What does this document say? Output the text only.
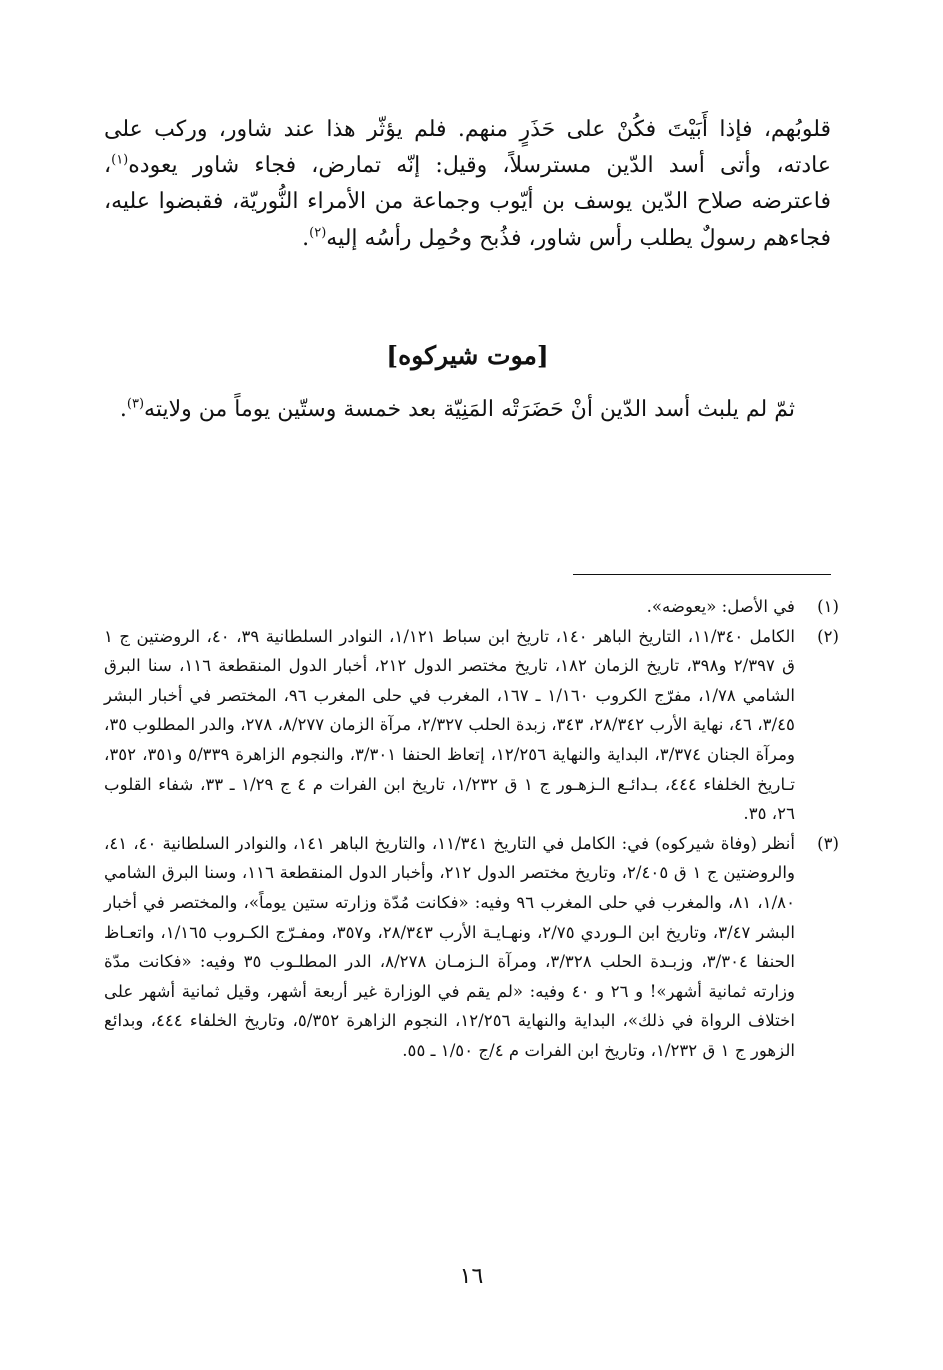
قلوبُهم، فإذا أَبَيْتَ فكُنْ على حَذَرٍ منهم. فلم يؤثّر هذا عند شاور، وركب على عادته، وأتى أسد الدّين مسترسلاً، وقيل: إنّه تمارض، فجاء شاور يعوده$^{(١)}$، فاعترضه صلاح الدّين يوسف بن أيّوب وجماعة من الأمراء النُّوريّة، فقبضوا عليه، فجاءهم رسولٌ يطلب رأس شاور، فذُبح وحُمِل رأسُه إليه$^{(٢)}$.

[موت شيركوه]

ثمّ لم يلبث أسد الدّين أنْ حَضَرَتْه المَنِيّة بعد خمسة وستّين يوماً من ولايته$^{(٣)}$.

(١)

في الأصل: «يعوضه».

(٢)

الكامل ١١/٣٤٠، التاريخ الباهر ١٤٠، تاريخ ابن سباط ١/١٢١، النوادر السلطانية ٣٩، ٤٠، الروضتين ج ١ ق ٢/٣٩٧ و٣٩٨، تاريخ الزمان ١٨٢، تاريخ مختصر الدول ٢١٢، أخبار الدول المنقطعة ١١٦، سنا البرق الشامي ١/٧٨، مفرّج الكروب ١/١٦٠ ـ ١٦٧، المغرب في حلى المغرب ٩٦، المختصر في أخبار البشر ٣/٤٥، ٤٦، نهاية الأرب ٢٨/٣٤٢، ٣٤٣، زبدة الحلب ٢/٣٢٧، مرآة الزمان ٨/٢٧٧، ٢٧٨، والدر المطلوب ٣٥، ومرآة الجنان ٣/٣٧٤، البداية والنهاية ١٢/٢٥٦، إتعاظ الحنفا ٣/٣٠١، والنجوم الزاهرة ٥/٣٣٩ و٣٥١، ٣٥٢، تـاريخ الخلفاء ٤٤٤، بـدائـع الـزهـور ج ١ ق ١/٢٣٢، تاريخ ابن الفرات م ٤ ج ١/٢٩ ـ ٣٣، شفاء القلوب ٢٦، ٣٥.

(٣)

أنظر (وفاة شيركوه) في: الكامل في التاريخ ١١/٣٤١، والتاريخ الباهر ١٤١، والنوادر السلطانية ٤٠، ٤١، والروضتين ج ١ ق ٢/٤٠٥، وتاريخ مختصر الدول ٢١٢، وأخبار الدول المنقطعة ١١٦، وسنا البرق الشامي ١/٨٠، ٨١، والمغرب في حلى المغرب ٩٦ وفيه: «فكانت مُدّة وزارته ستين يوماً»، والمختصر في أخبار البشر ٣/٤٧، وتاريخ ابن الـوردي ٢/٧٥، ونهـايـة الأرب ٢٨/٣٤٣، و٣٥٧، ومفـرّج الكـروب ١/١٦٥، واتعـاظ الحنفا ٣/٣٠٤، وزبـدة الحلب ٣/٣٢٨، ومرآة الـزمـان ٨/٢٧٨، الدر المطلـوب ٣٥ وفيه: «فكانت مدّة وزارته ثمانية أشهر»! و ٢٦ و ٤٠ وفيه: «لم يقم في الوزارة غير أربعة أشهر، وقيل ثمانية أشهر على اختلاف الرواة في ذلك»، البداية والنهاية ١٢/٢٥٦، النجوم الزاهرة ٥/٣٥٢، وتاريخ الخلفاء ٤٤٤، وبدائع الزهور ج ١ ق ١/٢٣٢، وتاريخ ابن الفرات م ٤/ج ١/٥٠ ـ ٥٥.

١٦
